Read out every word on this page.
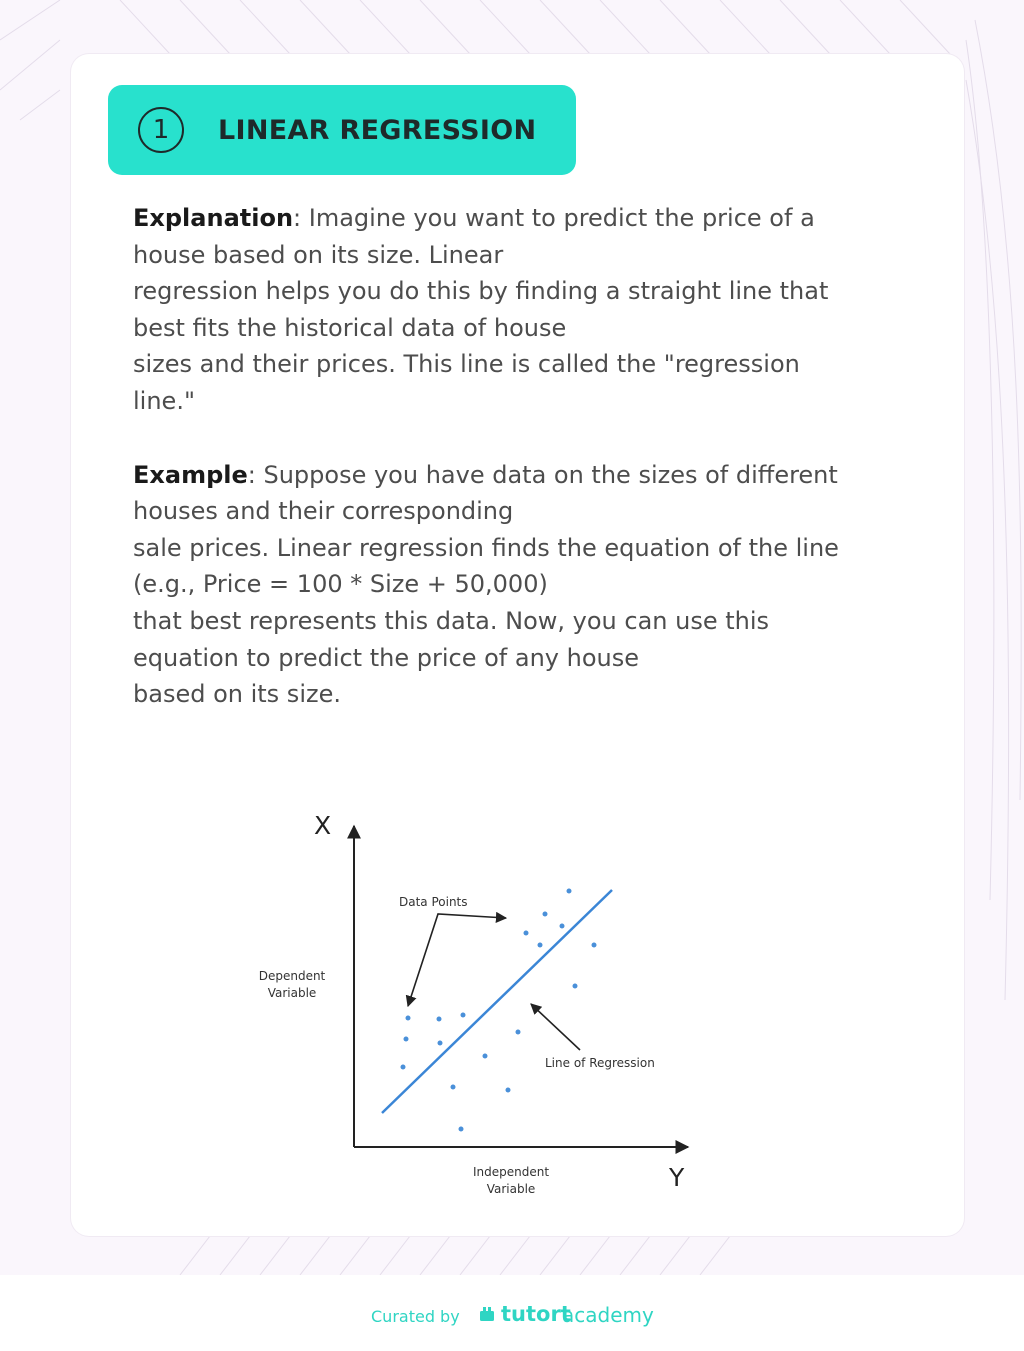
1	LINEAR REGRESSION

Explanation: Imagine you want to predict the price of a

house based on its size. Linear

regression helps you do this by finding a straight line that

best fits the historical data of house

sizes and their prices. This line is called the "regression

line."

Example: Suppose you have data on the sizes of different

houses and their corresponding

sale prices. Linear regression finds the equation of the line

(e.g., Price = 100 * Size + 50,000)

that best represents this data. Now, you can use this

equation to predict the price of any house

based on its size.

X
Y
Dependent
Variable
Independent
Variable
Data Points
Line of Regression
Curated by tutort
academy
